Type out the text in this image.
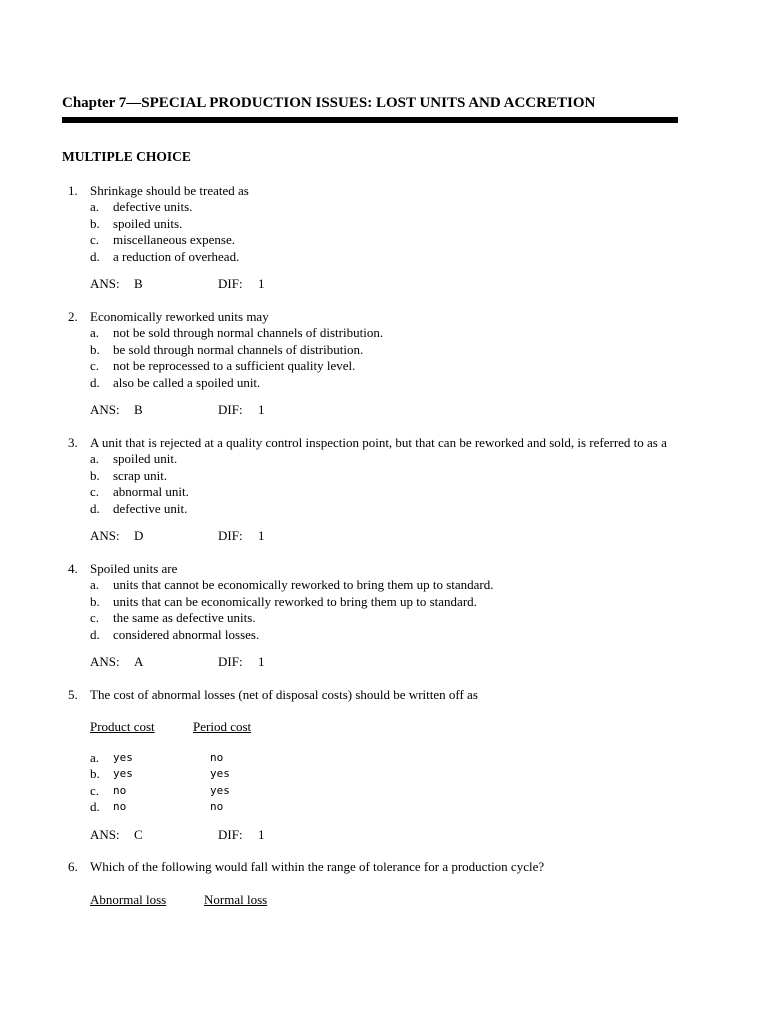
Chapter 7—SPECIAL PRODUCTION ISSUES: LOST UNITS AND ACCRETION
MULTIPLE CHOICE
1. Shrinkage should be treated as
a.	defective units.
b.	spoiled units.
c.	miscellaneous expense.
d.	a reduction of overhead.
ANS:	B	DIF:	1
2. Economically reworked units may
a.	not be sold through normal channels of distribution.
b.	be sold through normal channels of distribution.
c.	not be reprocessed to a sufficient quality level.
d.	also be called a spoiled unit.
ANS:	B	DIF:	1
3. A unit that is rejected at a quality control inspection point, but that can be reworked and sold, is referred to as a
a.	spoiled unit.
b.	scrap unit.
c.	abnormal unit.
d.	defective unit.
ANS:	D	DIF:	1
4. Spoiled units are
a.	units that cannot be economically reworked to bring them up to standard.
b.	units that can be economically reworked to bring them up to standard.
c.	the same as defective units.
d.	considered abnormal losses.
ANS:	A	DIF:	1
5. The cost of abnormal losses (net of disposal costs) should be written off as
Product cost	Period cost
a.	yes	no
b.	yes	yes
c.	no	yes
d.	no	no
ANS:	C	DIF:	1
6. Which of the following would fall within the range of tolerance for a production cycle?
Abnormal loss	Normal loss
